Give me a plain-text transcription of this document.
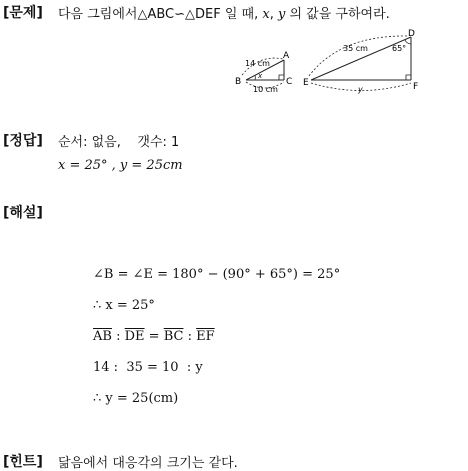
[문제] 다음 그림에서△ABC∽△DEF 일 때, x, y 의 값을 구하여라.
A
B	C
14 cm
10 cm
x
D
E	F
35 cm
y
65°
[정답] 순서: 없음,    갯수: 1
x = 25° , y = 25cm
[해설]
∠B = ∠E = 180° − (90° + 65°) = 25°
∴ x = 25°
$\overline{AB}$ : $\overline{DE} = \overline{BC}$ : $\overline{EF}$
14 :  35 = 10  : y
∴ y = 25(cm)
[힌트] 닮음에서 대응각의 크기는 같다.
